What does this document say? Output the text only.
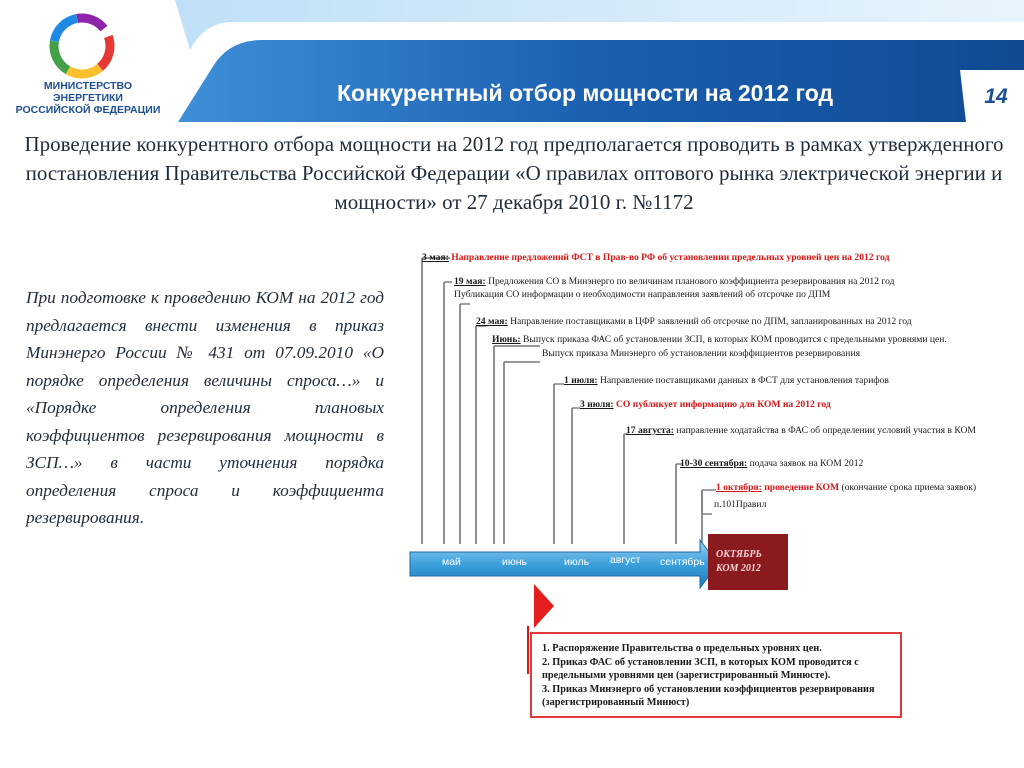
МИНИСТЕРСТВО ЭНЕРГЕТИКИ
РОССИЙСКОЙ ФЕДЕРАЦИИ
Конкурентный отбор мощности на 2012 год	14
Проведение конкурентного отбора мощности на 2012 год предполагается проводить в рамках утвержденного постановления Правительства Российской Федерации «О правилах оптового рынка электрической энергии и мощности» от 27 декабря 2010 г. №1172
При подготовке к проведению КОМ на 2012 год предлагается внести изменения в приказ Минэнерго России № 431 от 07.09.2010 «О порядке определения величины спроса…» и «Порядке определения плановых коэффициентов резервирования мощности в ЗСП…» в части уточнения порядка определения спроса и коэффициента резервирования.
3 мая: Направление предложений ФСТ в Прав-во РФ об установлении предельных уровней цен на 2012 год
19 мая: Предложения СО в Минэнерго по величинам планового коэффициента резервирования на 2012 год
Публикация СО информации о необходимости направления заявлений об отсрочке по ДПМ
24 мая: Направление поставщиками в ЦФР заявлений об отсрочке по ДПМ, запланированных на 2012 год
Июнь: Выпуск приказа ФАС об установлении ЗСП, в которых КОМ проводится с предельными уровнями цен.
Выпуск приказа Минэнерго об установлении коэффициентов резервирования
1 июля: Направление поставщиками данных в ФСТ для установления тарифов
3 июля: СО публикует информацию для КОМ на 2012 год
17 августа: направление ходатайства в ФАС об определении условий участия в КОМ
10-30 сентября: подача заявок на КОМ 2012
1 октября: проведение КОМ (окончание срока приема заявок)
п.101Правил
май	июнь	июль август сентябрь
ОКТЯБРЬ
КОМ 2012
1. Распоряжение Правительства о предельных уровнях цен.
2. Приказ ФАС об установлении ЗСП, в которых КОМ проводится с предельными уровнями цен (зарегистрированный Минюстe).
3. Приказ Минэнерго об установлении коэффициентов резервирования (зарегистрированный Минюст)
